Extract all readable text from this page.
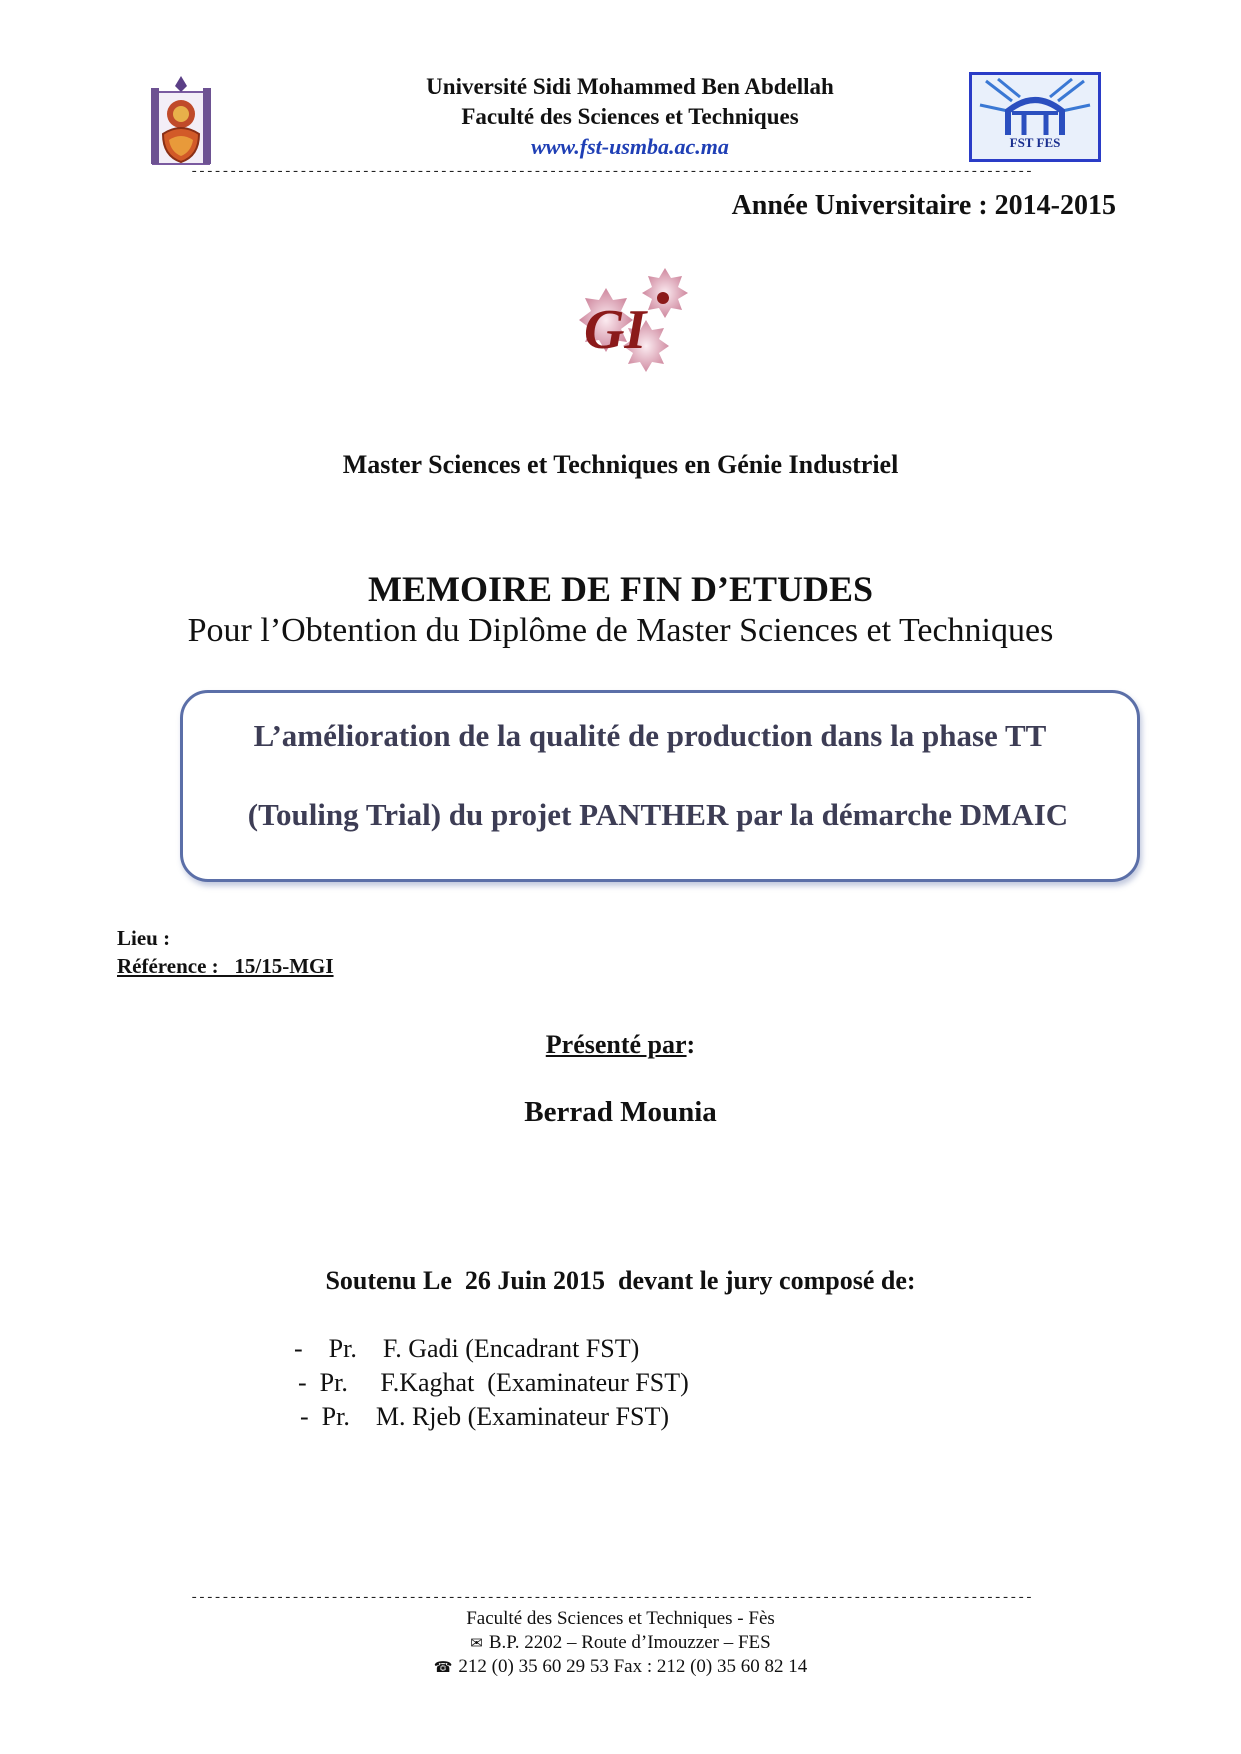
Université Sidi Mohammed Ben Abdellah
Faculté des Sciences et Techniques
www.fst-usmba.ac.ma	FST FES
------------------------------------------------------------------------------------------------------------
Année Universitaire : 2014-2015
GI
Master Sciences et Techniques en Génie Industriel
MEMOIRE DE FIN D’ETUDES
Pour l’Obtention du Diplôme de Master Sciences et Techniques
L’amélioration de la qualité de production dans la phase TT
(Touling Trial) du projet PANTHER par la démarche DMAIC
Lieu :
Référence :   15/15-MGI
Présenté par:
Berrad Mounia
Soutenu Le  26 Juin 2015  devant le jury composé de:
-    Pr.    F. Gadi (Encadrant FST)
-  Pr.     F.Kaghat  (Examinateur FST)
-  Pr.    M. Rjeb (Examinateur FST)
------------------------------------------------------------------------------------------------------------
Faculté des Sciences et Techniques - Fès
✉ B.P. 2202 – Route d’Imouzzer – FES
☎ 212 (0) 35 60 29 53 Fax : 212 (0) 35 60 82 14
